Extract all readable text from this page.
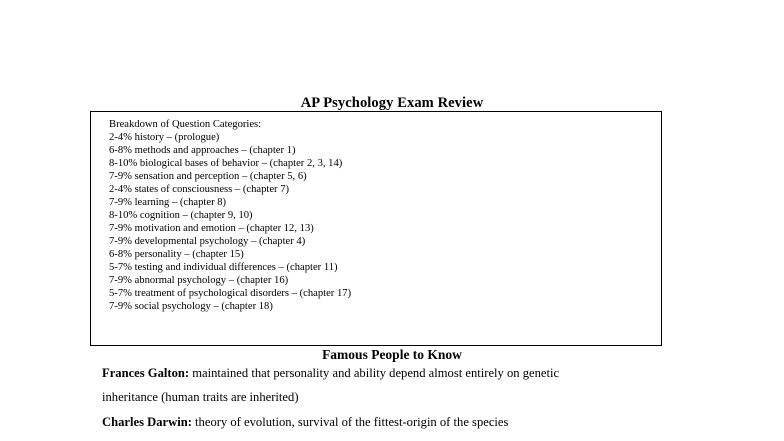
AP Psychology Exam Review
Breakdown of Question Categories:
2-4% history – (prologue)
6-8% methods and approaches – (chapter 1)
8-10% biological bases of behavior – (chapter 2, 3, 14)
7-9% sensation and perception – (chapter 5, 6)
2-4% states of consciousness – (chapter 7)
7-9% learning – (chapter 8)
8-10% cognition – (chapter 9, 10)
7-9% motivation and emotion – (chapter 12, 13)
7-9% developmental psychology – (chapter 4)
6-8% personality – (chapter 15)
5-7% testing and individual differences – (chapter 11)
7-9% abnormal psychology – (chapter 16)
5-7% treatment of psychological disorders – (chapter 17)
7-9% social psychology – (chapter 18)
Famous People to Know
Frances Galton: maintained that personality and ability depend almost entirely on genetic
inheritance (human traits are inherited)
Charles Darwin: theory of evolution, survival of the fittest-origin of the species
